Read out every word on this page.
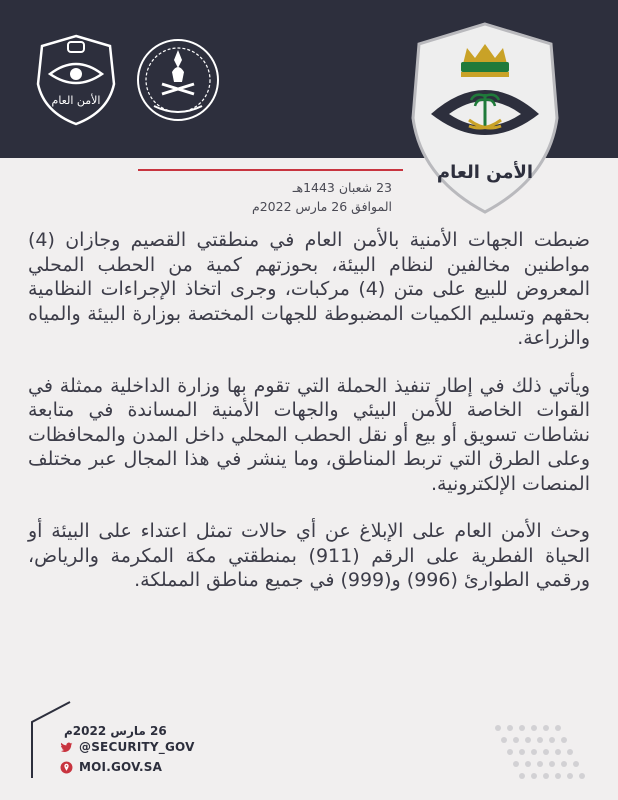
الأمن العام
الأمن العام
23 شعبان 1443هـ
الموافق 26 مارس 2022م

ضبطت الجهات الأمنية بالأمن العام في منطقتي القصيم وجازان (4) مواطنين مخالفين لنظام البيئة، بحوزتهم كمية من الحطب المحلي المعروض للبيع على متن (4) مركبات، وجرى اتخاذ الإجراءات النظامية بحقهم وتسليم الكميات المضبوطة للجهات المختصة بوزارة البيئة والمياه والزراعة.

ويأتي ذلك في إطار تنفيذ الحملة التي تقوم بها وزارة الداخلية ممثلة في القوات الخاصة للأمن البيئي والجهات الأمنية المساندة في متابعة نشاطات تسويق أو بيع أو نقل الحطب المحلي داخل المدن والمحافظات وعلى الطرق التي تربط المناطق، وما ينشر في هذا المجال عبر مختلف المنصات الإلكترونية.

وحث الأمن العام على الإبلاغ عن أي حالات تمثل اعتداء على البيئة أو الحياة الفطرية على الرقم (911) بمنطقتي مكة المكرمة والرياض، ورقمي الطوارئ (996) و(999) في جميع مناطق المملكة.

26 مارس 2022م
@SECURITY_GOV
MOI.GOV.SA
